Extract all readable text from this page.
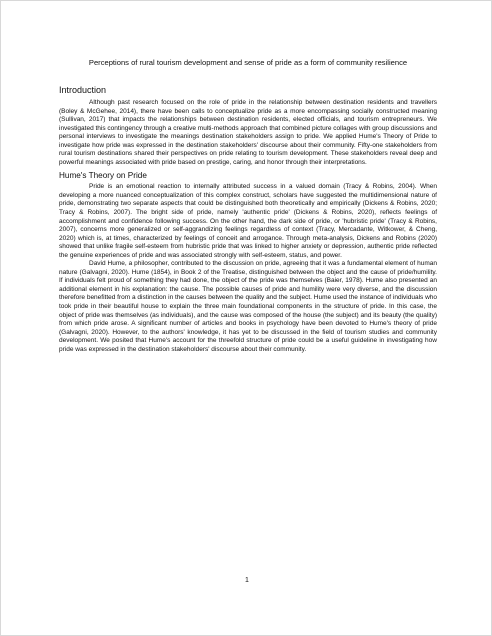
Perceptions of rural tourism development and sense of pride as a form of community resilience
Introduction

Although past research focused on the role of pride in the relationship between destination residents and travellers (Boley & McGehee, 2014), there have been calls to conceptualize pride as a more encompassing socially constructed meaning (Sullivan, 2017) that impacts the relationships between destination residents, elected officials, and tourism entrepreneurs. We investigated this contingency through a creative multi-methods approach that combined picture collages with group discussions and personal interviews to investigate the meanings destination stakeholders assign to pride. We applied Hume's Theory of Pride to investigate how pride was expressed in the destination stakeholders' discourse about their community. Fifty-one stakeholders from rural tourism destinations shared their perspectives on pride relating to tourism development. These stakeholders reveal deep and powerful meanings associated with pride based on prestige, caring, and honor through their interpretations.

Hume's Theory on Pride

Pride is an emotional reaction to internally attributed success in a valued domain (Tracy & Robins, 2004). When developing a more nuanced conceptualization of this complex construct, scholars have suggested the multidimensional nature of pride, demonstrating two separate aspects that could be distinguished both theoretically and empirically (Dickens & Robins, 2020; Tracy & Robins, 2007). The bright side of pride, namely 'authentic pride' (Dickens & Robins, 2020), reflects feelings of accomplishment and confidence following success. On the other hand, the dark side of pride, or 'hubristic pride' (Tracy & Robins, 2007), concerns more generalized or self-aggrandizing feelings regardless of context (Tracy, Mercadante, Witkower, & Cheng, 2020) which is, at times, characterized by feelings of conceit and arrogance. Through meta-analysis, Dickens and Robins (2020) showed that unlike fragile self-esteem from hubristic pride that was linked to higher anxiety or depression, authentic pride reflected the genuine experiences of pride and was associated strongly with self-esteem, status, and power.

David Hume, a philosopher, contributed to the discussion on pride, agreeing that it was a fundamental element of human nature (Galvagni, 2020). Hume (1854), in Book 2 of the Treatise, distinguished between the object and the cause of pride/humility. If individuals felt proud of something they had done, the object of the pride was themselves (Baier, 1978). Hume also presented an additional element in his explanation: the cause. The possible causes of pride and humility were very diverse, and the discussion therefore benefitted from a distinction in the causes between the quality and the subject. Hume used the instance of individuals who took pride in their beautiful house to explain the three main foundational components in the structure of pride. In this case, the object of pride was themselves (as individuals), and the cause was composed of the house (the subject) and its beauty (the quality) from which pride arose. A significant number of articles and books in psychology have been devoted to Hume's theory of pride (Galvagni, 2020). However, to the authors' knowledge, it has yet to be discussed in the field of tourism studies and community development. We posited that Hume's account for the threefold structure of pride could be a useful guideline in investigating how pride was expressed in the destination stakeholders' discourse about their community.

1
